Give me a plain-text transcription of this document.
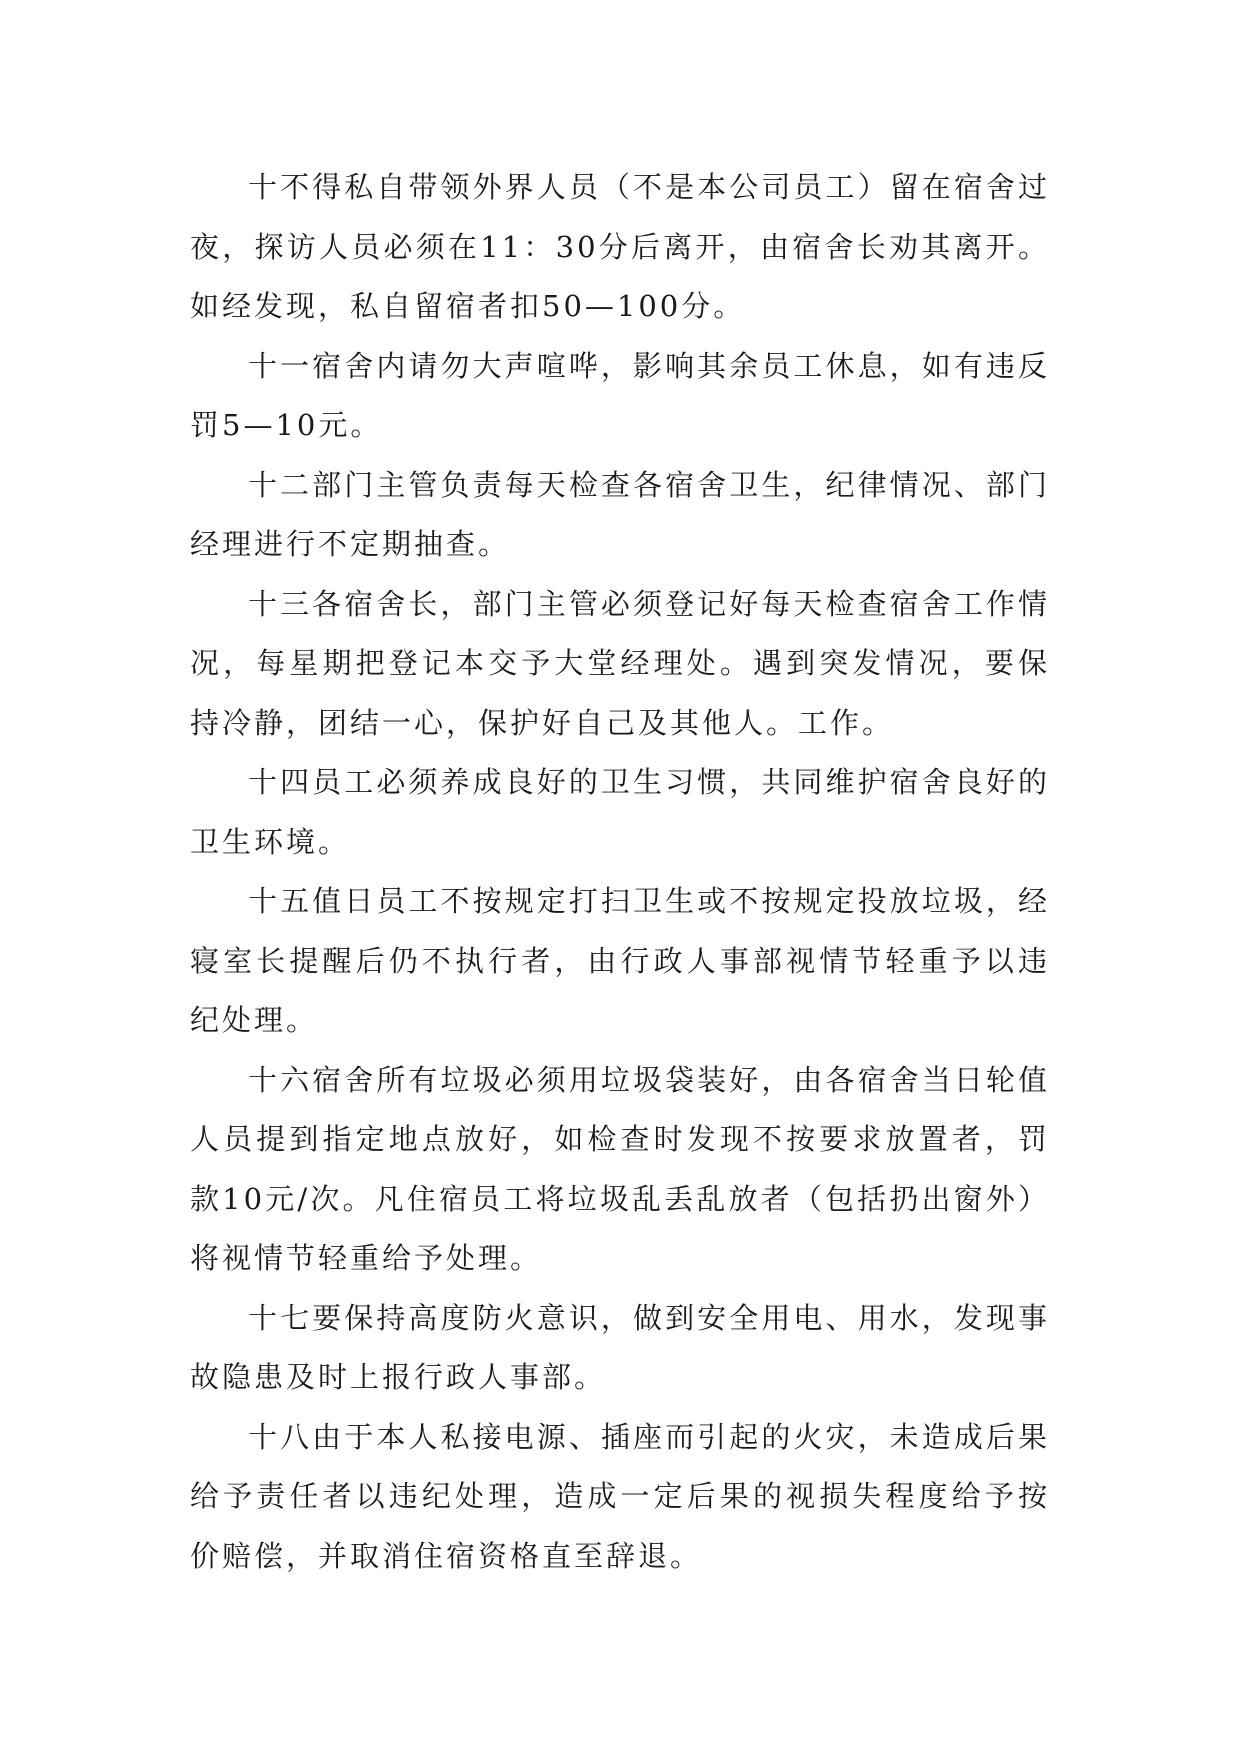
十不得私自带领外界人员（不是本公司员工）留在宿舍过夜，探访人员必须在11：30分后离开，由宿舍长劝其离开。如经发现，私自留宿者扣50—100分。

十一宿舍内请勿大声喧哗，影响其余员工休息，如有违反罚5—10元。

十二部门主管负责每天检查各宿舍卫生，纪律情况、部门经理进行不定期抽查。

十三各宿舍长，部门主管必须登记好每天检查宿舍工作情况，每星期把登记本交予大堂经理处。遇到突发情况，要保持冷静，团结一心，保护好自己及其他人。工作。

十四员工必须养成良好的卫生习惯，共同维护宿舍良好的卫生环境。

十五值日员工不按规定打扫卫生或不按规定投放垃圾，经寝室长提醒后仍不执行者，由行政人事部视情节轻重予以违纪处理。

十六宿舍所有垃圾必须用垃圾袋装好，由各宿舍当日轮值人员提到指定地点放好，如检查时发现不按要求放置者，罚款10元/次。凡住宿员工将垃圾乱丢乱放者（包括扔出窗外）将视情节轻重给予处理。

十七要保持高度防火意识，做到安全用电、用水，发现事故隐患及时上报行政人事部。

十八由于本人私接电源、插座而引起的火灾，未造成后果给予责任者以违纪处理，造成一定后果的视损失程度给予按价赔偿，并取消住宿资格直至辞退。
